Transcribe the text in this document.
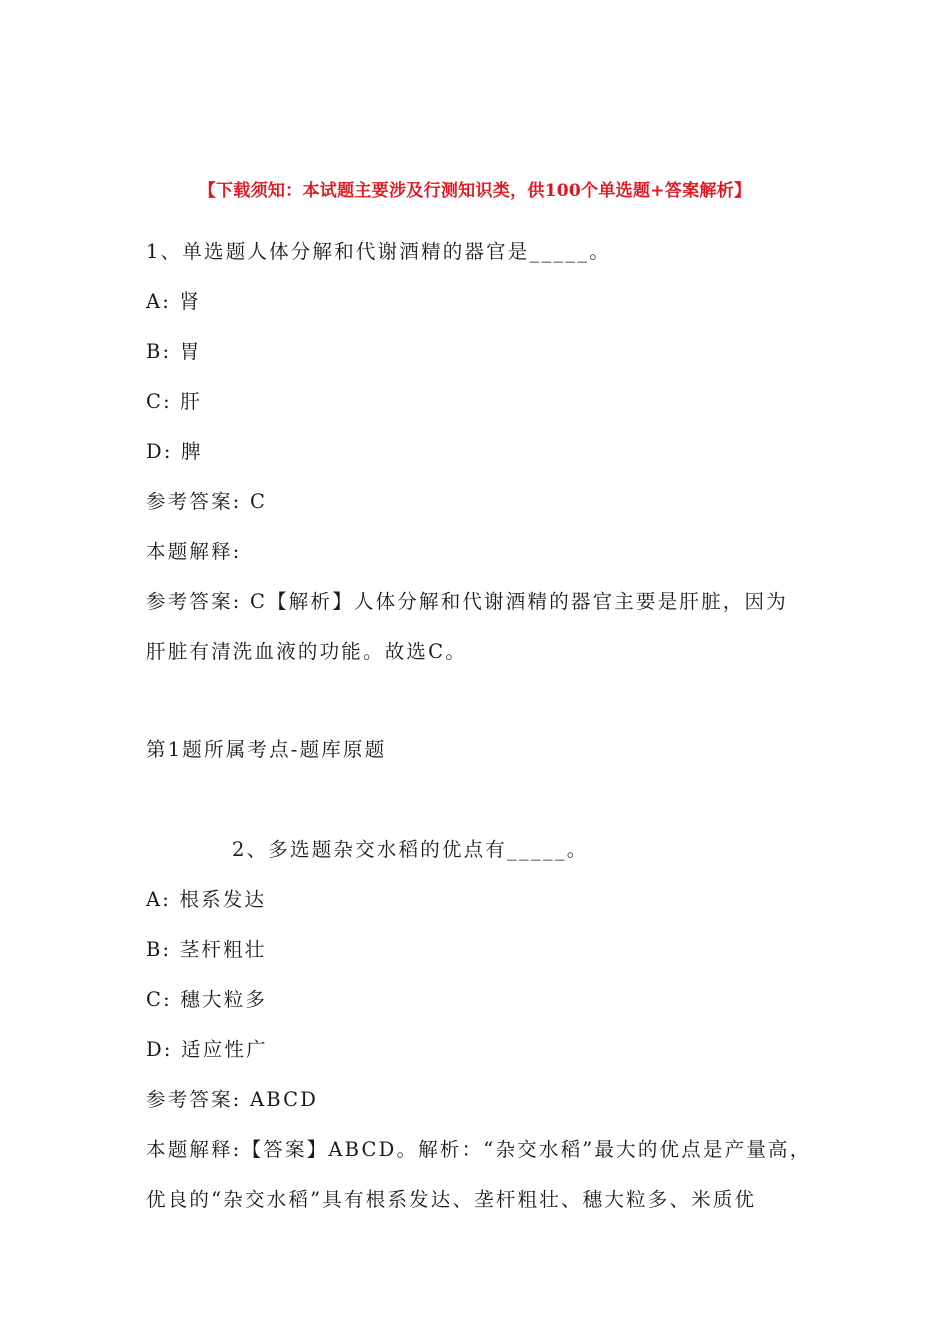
【下载须知：本试题主要涉及行测知识类，供100个单选题+答案解析】
1、单选题人体分解和代谢酒精的器官是_____。
A: 肾
B: 胃
C: 肝
D: 脾
参考答案: C
本题解释:
参考答案: C【解析】人体分解和代谢酒精的器官主要是肝脏，因为
肝脏有清洗血液的功能。故选C。
第1题所属考点-题库原题
2、多选题杂交水稻的优点有_____。
A: 根系发达
B: 茎杆粗壮
C: 穗大粒多
D: 适应性广
参考答案: ABCD
本题解释:【答案】ABCD。解析：“杂交水稻”最大的优点是产量高，
优良的“杂交水稻”具有根系发达、垄杆粗壮、穗大粒多、米质优
